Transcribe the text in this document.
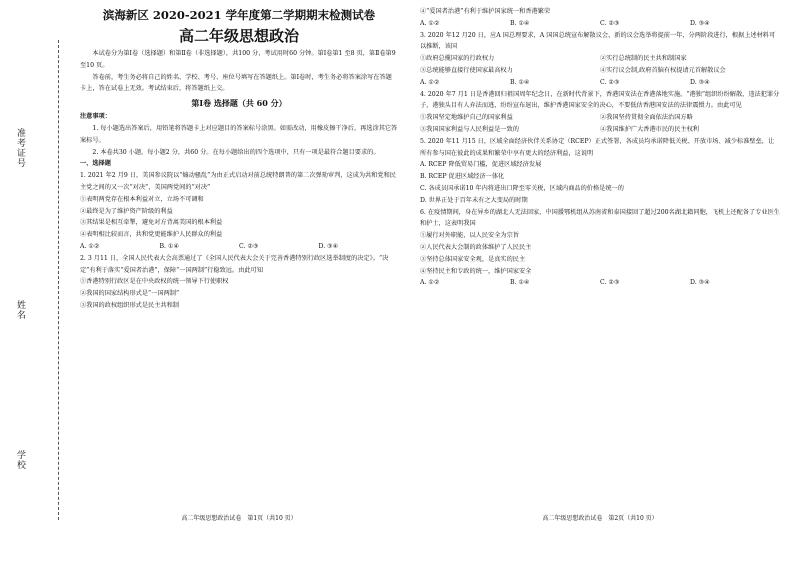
准考证号
姓名
学校

滨海新区 2020-2021 学年度第二学期期末检测试卷

高二年级思想政治

本试卷分为第Ⅰ卷（选择题）和第Ⅱ卷（非选择题），共100 分，考试用时60 分钟。第Ⅰ卷第1 至8 页，第Ⅱ卷第9 至10 页。

答卷前，考生务必将自己的姓名、学校、考号、座位号填写在答题纸上。第Ⅰ卷时，考生务必将答案涂写在答题卡上，答在试卷上无效。考试结束后，将答题纸上交。

第Ⅰ卷 选择题（共 60 分）

注意事项：

1. 每小题选出答案后，用铅笔将答题卡上对应题目的答案标号涂黑。如需改动，用橡皮擦干净后，再选涂其它答案标号。

2. 本卷共30 小题，每小题2 分，共60 分。在每小题给出的四个选项中，只有一项是最符合题目要求的。

一、选择题

1. 2021 年2 月9 日，美国参议院以“煽动骚乱”为由正式启动对前总统特朗普的第二次弹劾审判，这成为共和党和民主党之间的又一次“对决”，美国两党间的“对决”

①表明两党存在根本利益对立，立场不可调和

②最终是为了维护资产阶级的利益

③其结果是相互牵掣，避免对方背离美国的根本利益

④表明相比较而言，共和党更能维护人民群众的利益

A. ①②	B. ①④	C. ②③	D. ③④

2. 3 月11 日，全国人民代表大会高票通过了《全国人民代表大会关于完善香港特别行政区选举制度的决定》。“决定”有利于落实“爱国者治港”，保障“一国两制”行稳致远。由此可知

①香港特别行政区是在中央政权的统一领导下行使职权

②我国的国家结构形式是“一国两制”

③我国的政权组织形式是民主共和制

④“爱国者治港”有利于维护国家统一和香港繁荣

A. ①②	B. ①④	C. ②③	D. ③④

3. 2020 年12 月20 日，应A 国总理要求，A 国国总统宣布解散议会，新的议会选举将提前一年，分两阶段进行，根据上述材料可以推断，该国

①政府总揽国家的行政权力	②实行总统制的民主共和制国家
③总统能够直接行使国家最高权力	④实行议会制,政府首脑有权提请元首解散议会
A. ①②	B. ①④	C. ②③	D. ③④

4. 2020 年7 月1 日是香港回归祖国周年纪念日，在新时代背景下，香港国安法在香港落地实施。“港独”组织纷纷解散，违法犯罪分子，港独头目有人弃法而逃，纷纷宣布退出，维护香港国家安全的决心，不要低估香港国安法的法律震慑力。由此可见

①我国坚定地维护自己的国家利益	②我国坚持贯彻全面依法治国方略
③我国国家利益与人民利益是一致的	④我国维护广大香港市民的民主权利

5. 2020 年11 月15 日，区域全面经济伙伴关系协定（RCEP）正式签署，各成员均承诺降低关税、开放市场、减少标准壁垒，让所有参与国在彼此的成果和繁荣中享有更大的经济利益，这说明

A. RCEP 降低贸易门槛，促进区域经济发展

B. RCEP 促进区域经济一体化

C. 各成员国承诺10 年内将进出口降至零关税，区域内商品的价格是统一的

D. 世界正处于百年未有之大变局的时期

6. 在疫情期间，身在异乡的湖北人无法回家，中国援鄂机组从苏南省和泰国接回了超过200名湖北籍同胞，飞机上还配备了专业医生和护士，这表明我国

①履行对外职能，以人民安全为宗旨

②人民代表大会制的政体维护了人民民主

③坚持总体国家安全观，是真实的民主

④坚持民主和专政的统一，维护国家安全

A. ①②	B. ①④	C. ②③	D. ③④
高二年级思想政治试卷　第1页（共10 页）	高二年级思想政治试卷　第2页（共10 页）
